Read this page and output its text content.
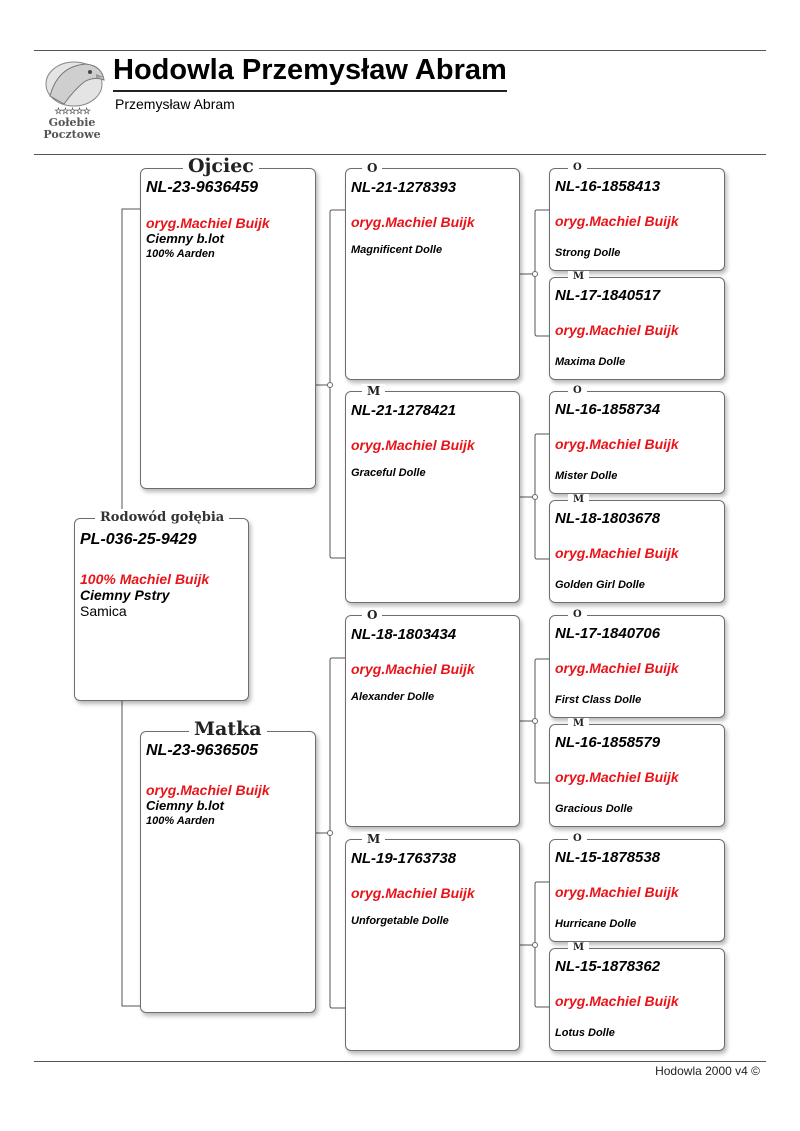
☆☆☆☆☆
Gołebie
Pocztowe
Hodowla Przemysław Abram
Przemysław Abram
Rodowód gołębia
PL-036-25-9429
100% Machiel Buijk
Ciemny Pstry
Samica
Ojciec
NL-23-9636459
oryg.Machiel Buijk
Ciemny b.lot
100% Aarden
Matka
NL-23-9636505
oryg.Machiel Buijk
Ciemny b.lot
100% Aarden
O
NL-21-1278393
oryg.Machiel Buijk
Magnificent Dolle
M
NL-21-1278421
oryg.Machiel Buijk
Graceful Dolle
O
NL-18-1803434
oryg.Machiel Buijk
Alexander Dolle
M
NL-19-1763738
oryg.Machiel Buijk
Unforgetable Dolle
O
NL-16-1858413
oryg.Machiel Buijk
Strong Dolle
M
NL-17-1840517
oryg.Machiel Buijk
Maxima Dolle
O
NL-16-1858734
oryg.Machiel Buijk
Mister Dolle
M
NL-18-1803678
oryg.Machiel Buijk
Golden Girl Dolle
O
NL-17-1840706
oryg.Machiel Buijk
First Class Dolle
M
NL-16-1858579
oryg.Machiel Buijk
Gracious Dolle
O
NL-15-1878538
oryg.Machiel Buijk
Hurricane Dolle
M
NL-15-1878362
oryg.Machiel Buijk
Lotus Dolle
Hodowla 2000 v4 ©
